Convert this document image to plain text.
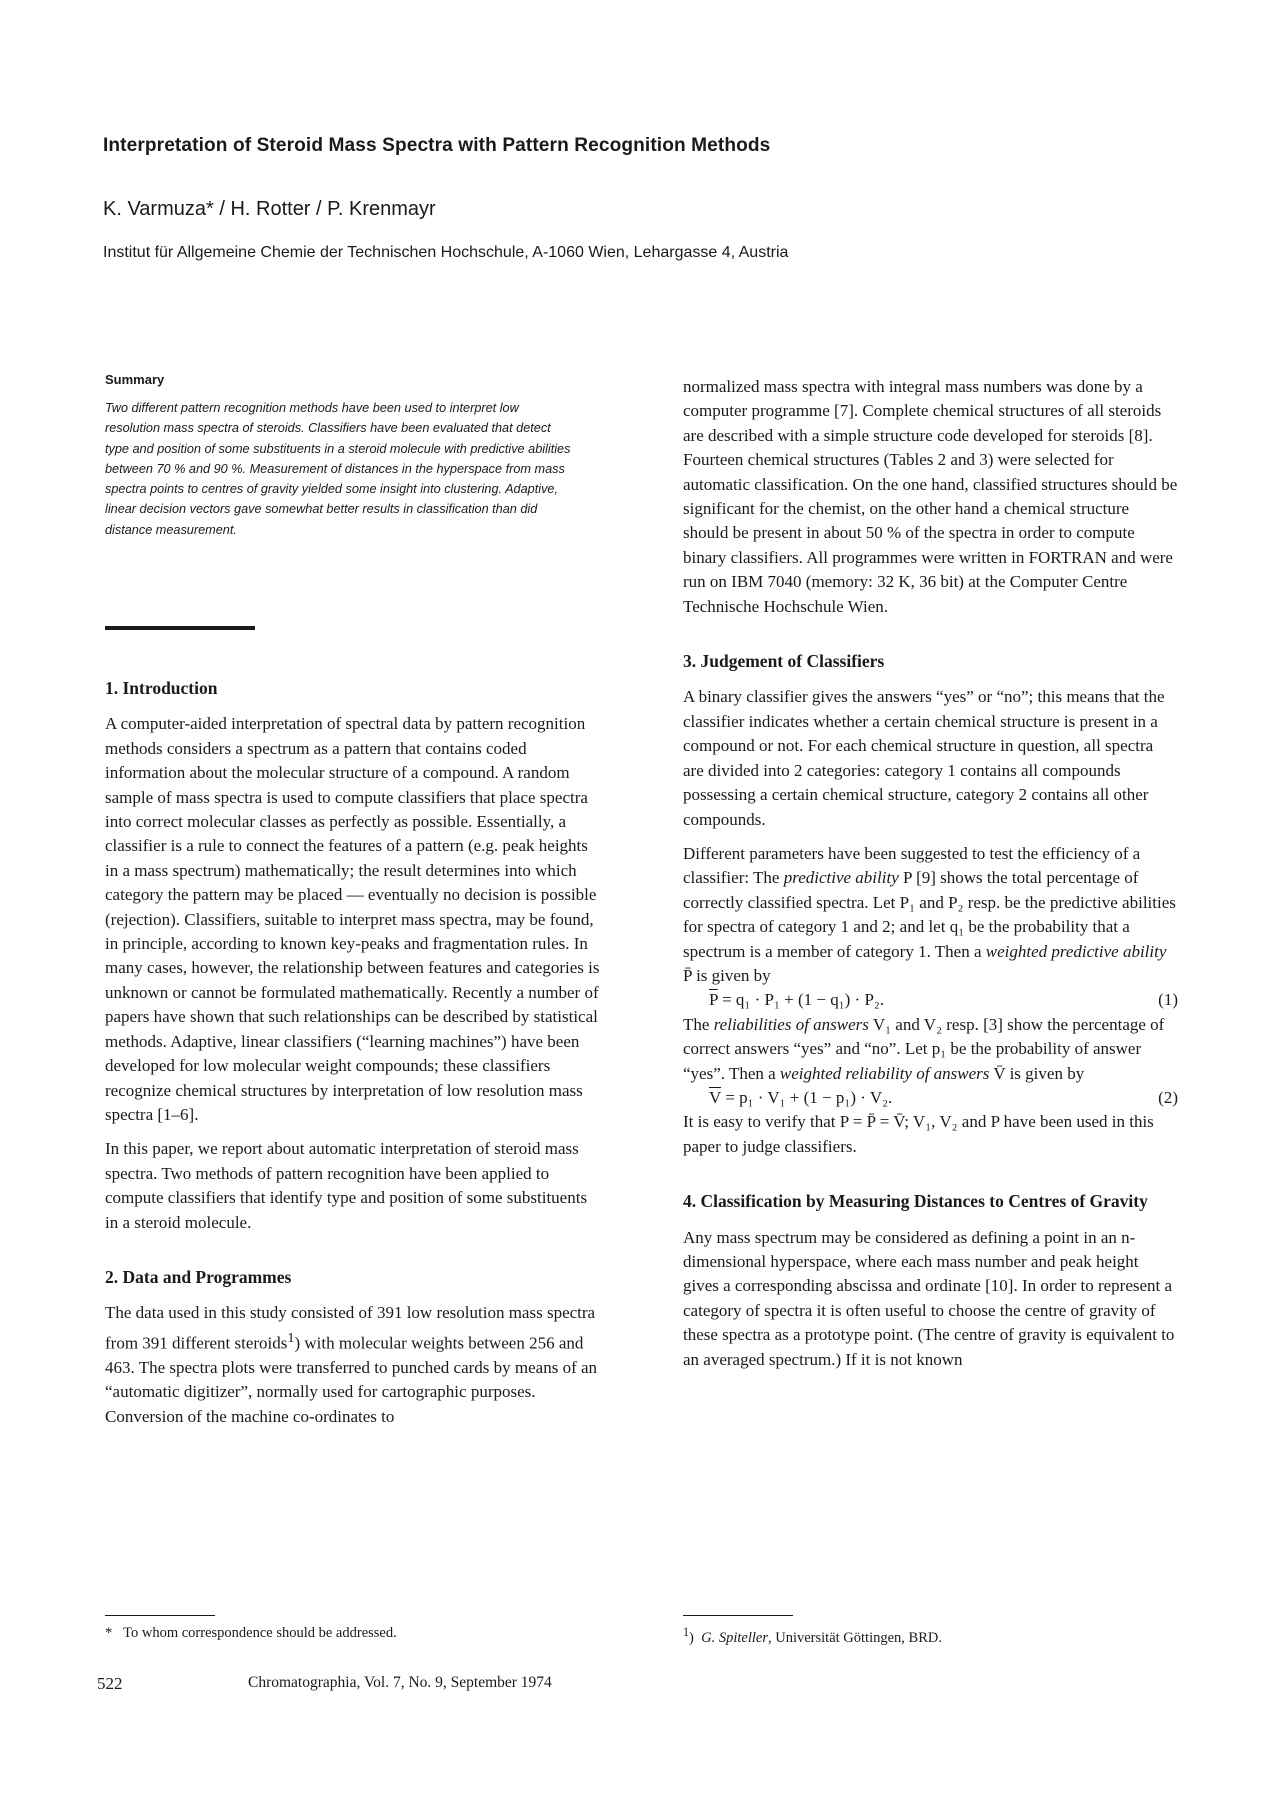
Interpretation of Steroid Mass Spectra with Pattern Recognition Methods
K. Varmuza* / H. Rotter / P. Krenmayr
Institut für Allgemeine Chemie der Technischen Hochschule, A-1060 Wien, Lehargasse 4, Austria
Summary
Two different pattern recognition methods have been used to interpret low resolution mass spectra of steroids. Classifiers have been evaluated that detect type and position of some substituents in a steroid molecule with predictive abilities between 70 % and 90 %. Measurement of distances in the hyperspace from mass spectra points to centres of gravity yielded some insight into clustering. Adaptive, linear decision vectors gave somewhat better results in classification than did distance measurement.
1. Introduction

A computer-aided interpretation of spectral data by pattern recognition methods considers a spectrum as a pattern that contains coded information about the molecular structure of a compound. A random sample of mass spectra is used to compute classifiers that place spectra into correct molecular classes as perfectly as possible. Essentially, a classifier is a rule to connect the features of a pattern (e.g. peak heights in a mass spectrum) mathematically; the result determines into which category the pattern may be placed — eventually no decision is possible (rejection). Classifiers, suitable to interpret mass spectra, may be found, in principle, according to known key-peaks and fragmentation rules. In many cases, however, the relationship between features and categories is unknown or cannot be formulated mathematically. Recently a number of papers have shown that such relationships can be described by statistical methods. Adaptive, linear classifiers (“learning machines”) have been developed for low molecular weight compounds; these classifiers recognize chemical structures by interpretation of low resolution mass spectra [1–6].

In this paper, we report about automatic interpretation of steroid mass spectra. Two methods of pattern recognition have been applied to compute classifiers that identify type and position of some substituents in a steroid molecule.

2. Data and Programmes

The data used in this study consisted of 391 low resolution mass spectra from 391 different steroids$^1$) with molecular weights between 256 and 463. The spectra plots were transferred to punched cards by means of an “automatic digitizer”, normally used for cartographic purposes. Conversion of the machine co-ordinates to

normalized mass spectra with integral mass numbers was done by a computer programme [7]. Complete chemical structures of all steroids are described with a simple structure code developed for steroids [8]. Fourteen chemical structures (Tables 2 and 3) were selected for automatic classification. On the one hand, classified structures should be significant for the chemist, on the other hand a chemical structure should be present in about 50 % of the spectra in order to compute binary classifiers. All programmes were written in FORTRAN and were run on IBM 7040 (memory: 32 K, 36 bit) at the Computer Centre Technische Hochschule Wien.

3. Judgement of Classifiers

A binary classifier gives the answers “yes” or “no”; this means that the classifier indicates whether a certain chemical structure is present in a compound or not. For each chemical structure in question, all spectra are divided into 2 categories: category 1 contains all compounds possessing a certain chemical structure, category 2 contains all other compounds.

Different parameters have been suggested to test the efficiency of a classifier: The predictive ability P [9] shows the total percentage of correctly classified spectra. Let P₁ and P₂ resp. be the predictive abilities for spectra of category 1 and 2; and let q₁ be the probability that a spectrum is a member of category 1. Then a weighted predictive ability P̄ is given by

$\overline{P} = q_1 \cdot P_1 + (1 - q_1) \cdot P_2$.	(1)

The reliabilities of answers V₁ and V₂ resp. [3] show the percentage of correct answers “yes” and “no”. Let p₁ be the probability of answer “yes”. Then a weighted reliability of answers V̄ is given by

$\overline{V} = p_1 \cdot V_1 + (1 - p_1) \cdot V_2$.	(2)

It is easy to verify that P = P̄ = V̄; V₁, V₂ and P have been used in this paper to judge classifiers.

4. Classification by Measuring Distances to Centres of Gravity

Any mass spectrum may be considered as defining a point in an n-dimensional hyperspace, where each mass number and peak height gives a corresponding abscissa and ordinate [10]. In order to represent a category of spectra it is often useful to choose the centre of gravity of these spectra as a prototype point. (The centre of gravity is equivalent to an averaged spectrum.) If it is not known

* To whom correspondence should be addressed.	$^1$)  G. Spiteller, Universität Göttingen, BRD.
522	Chromatographia, Vol. 7, No. 9, September 1974
